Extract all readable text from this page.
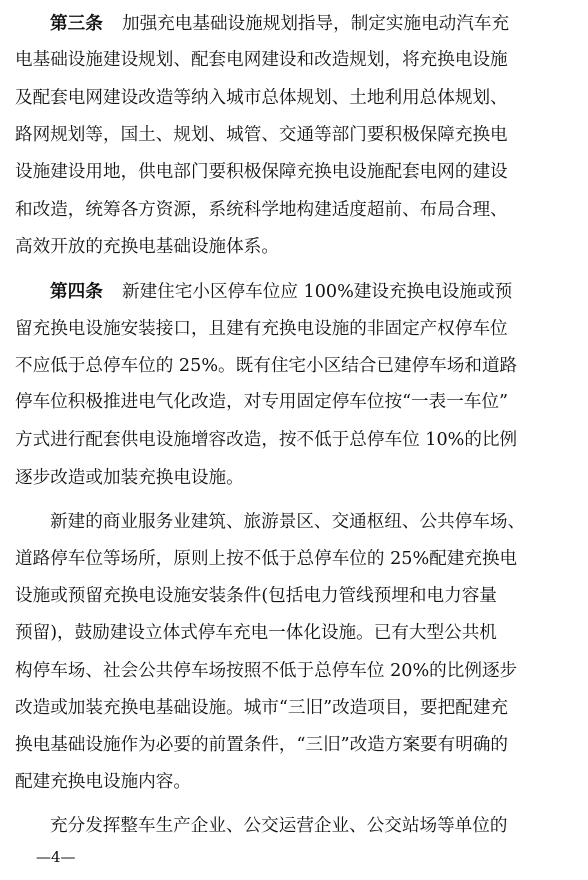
第三条 加强充电基础设施规划指导，制定实施电动汽车充
电基础设施建设规划、配套电网建设和改造规划，将充换电设施
及配套电网建设改造等纳入城市总体规划、土地利用总体规划、
路网规划等，国土、规划、城管、交通等部门要积极保障充换电
设施建设用地，供电部门要积极保障充换电设施配套电网的建设
和改造，统筹各方资源，系统科学地构建适度超前、布局合理、
高效开放的充换电基础设施体系。
第四条 新建住宅小区停车位应 100%建设充换电设施或预
留充换电设施安装接口，且建有充换电设施的非固定产权停车位
不应低于总停车位的 25%。既有住宅小区结合已建停车场和道路
停车位积极推进电气化改造，对专用固定停车位按“一表一车位”
方式进行配套供电设施增容改造，按不低于总停车位 10%的比例
逐步改造或加装充换电设施。
新建的商业服务业建筑、旅游景区、交通枢纽、公共停车场、
道路停车位等场所，原则上按不低于总停车位的 25%配建充换电
设施或预留充换电设施安装条件(包括电力管线预埋和电力容量
预留)，鼓励建设立体式停车充电一体化设施。已有大型公共机
构停车场、社会公共停车场按照不低于总停车位 20%的比例逐步
改造或加装充换电基础设施。城市“三旧”改造项目，要把配建充
换电基础设施作为必要的前置条件，“三旧”改造方案要有明确的
配建充换电设施内容。
充分发挥整车生产企业、公交运营企业、公交站场等单位的
—4—
